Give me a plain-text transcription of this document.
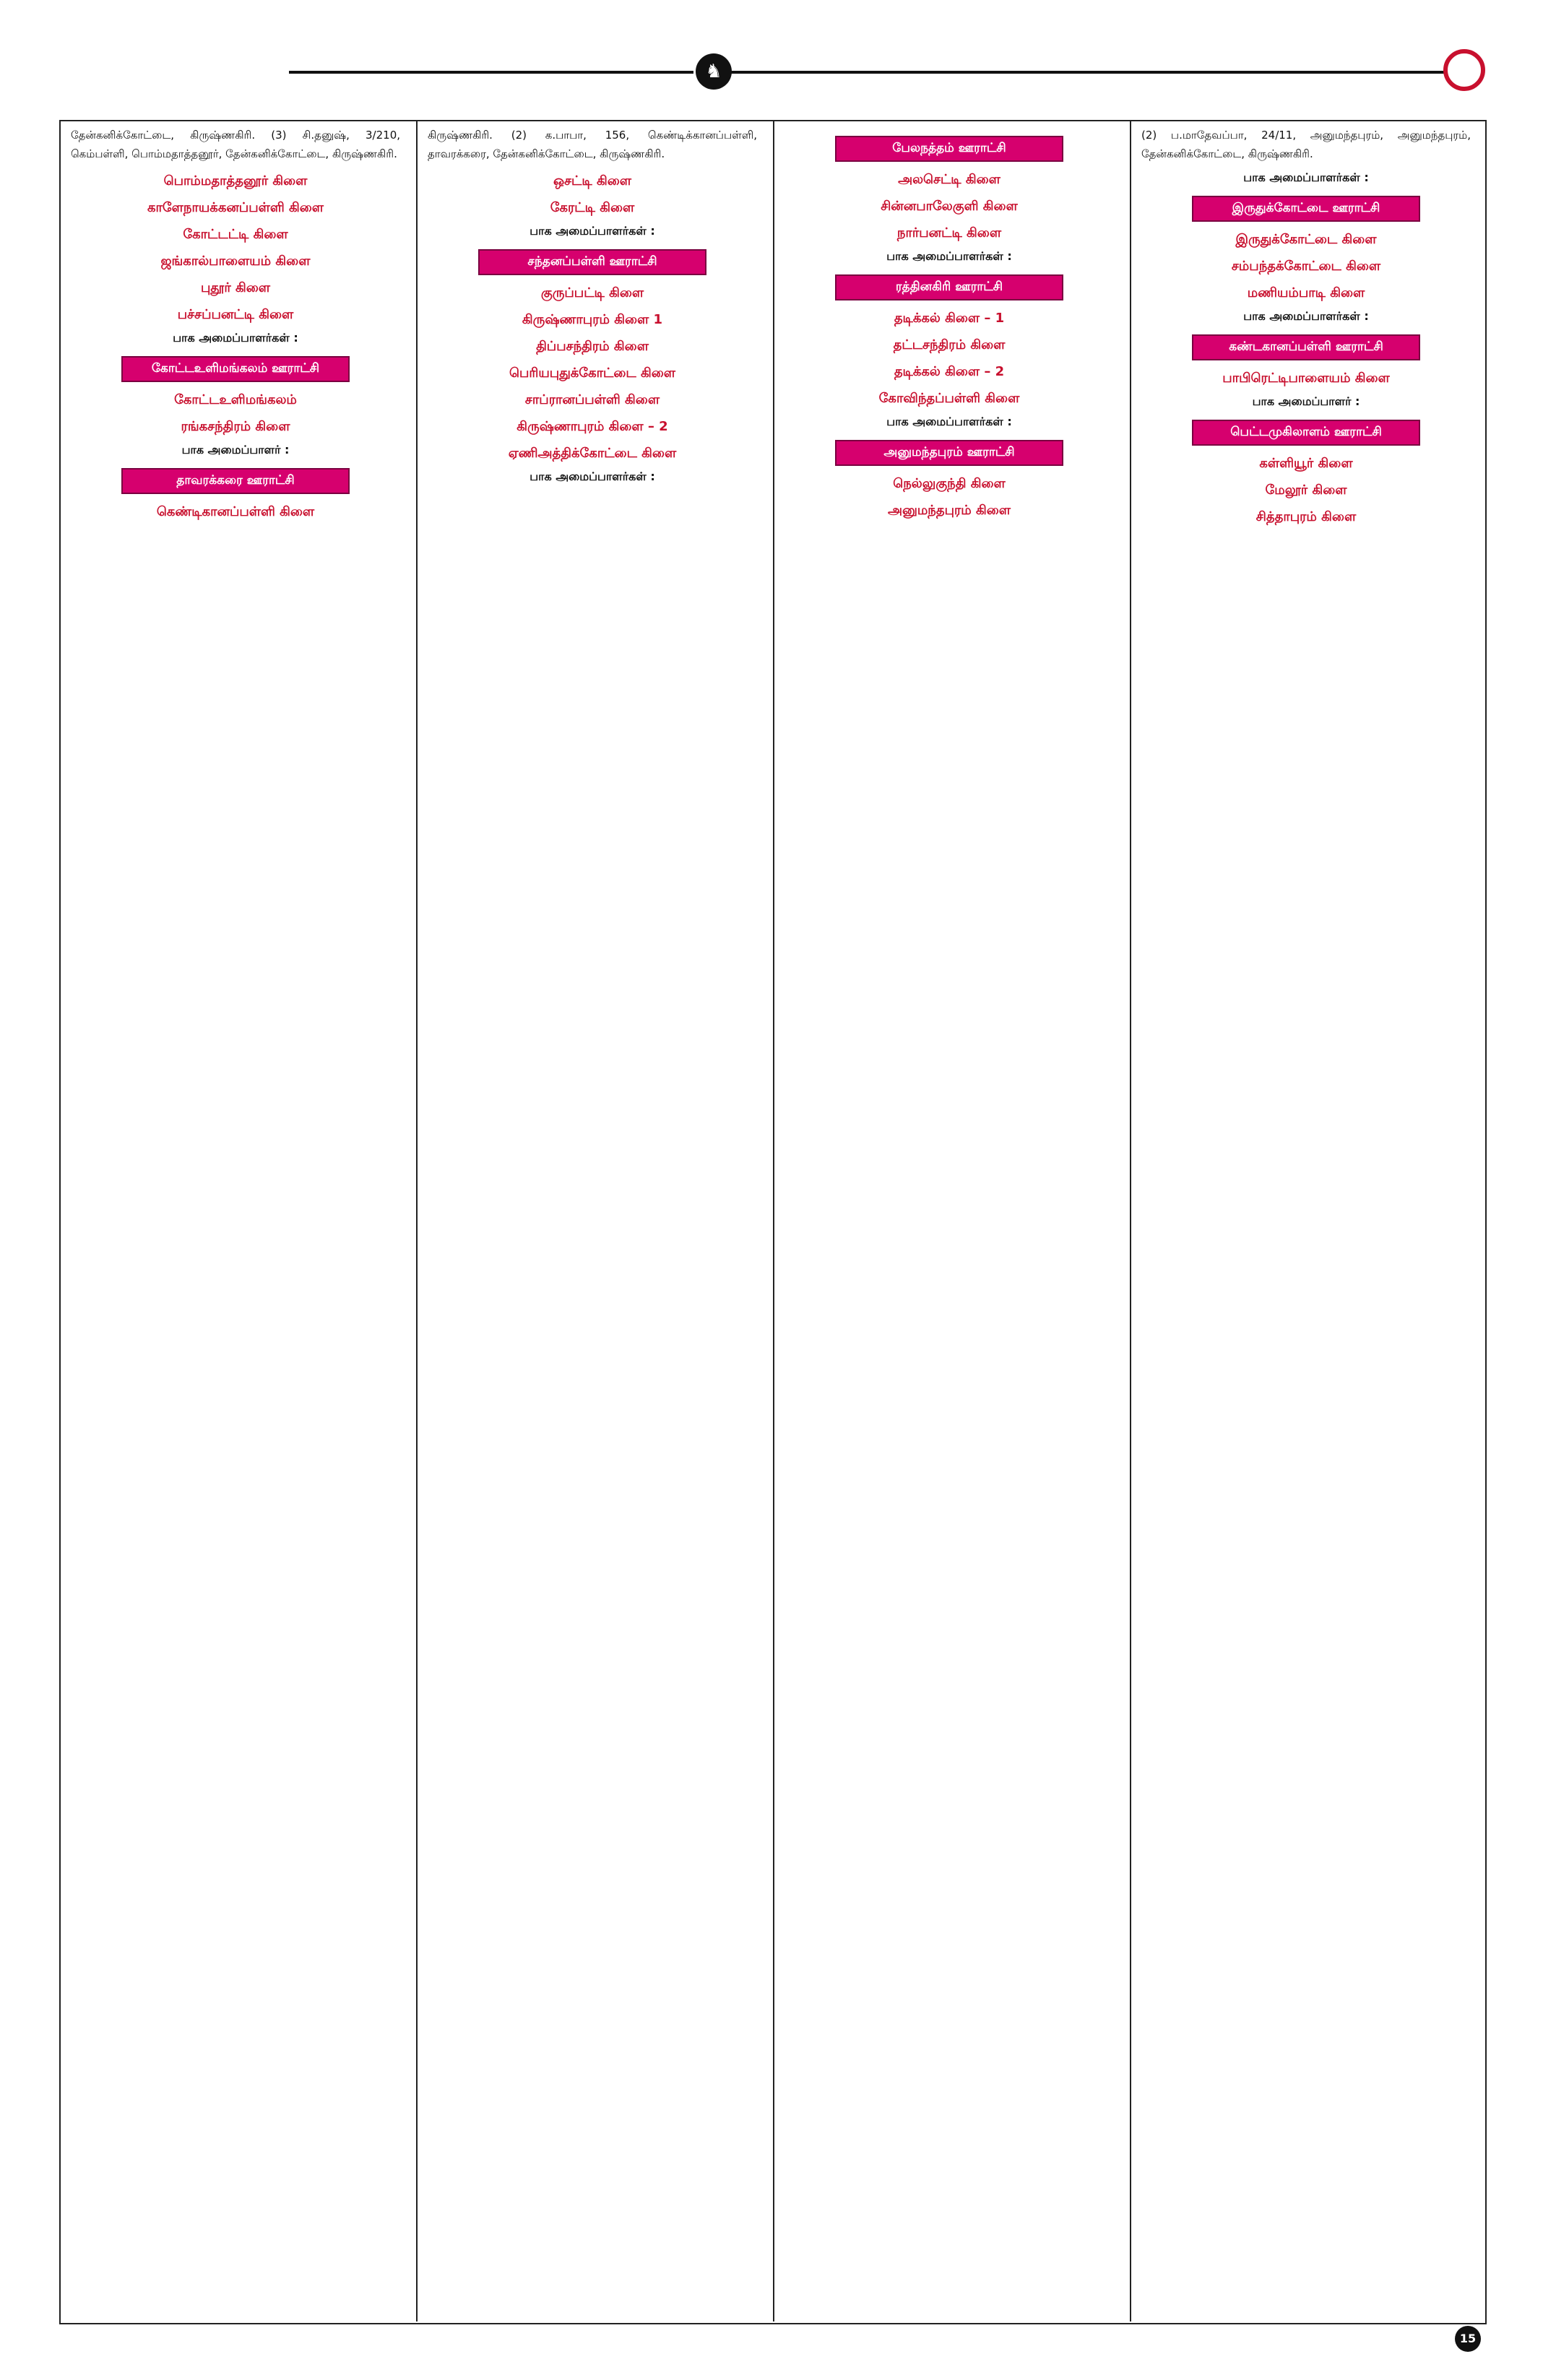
♞
தேன்கனிக்கோட்டை, கிருஷ்ணகிரி. (3) சி.தனுஷ், 3/210, கெம்பள்ளி, பொம்மதாத்தனூர், தேன்கனிக்கோட்டை, கிருஷ்ணகிரி.
பொம்மதாத்தனூர் கிளை
காளேநாயக்கனப்பள்ளி கிளை
கோட்டட்டி கிளை
ஜங்கால்பாளையம் கிளை
புதூர் கிளை
பச்சப்பனட்டி கிளை
பாக அமைப்பாளர்கள் :
கோட்டஉளிமங்கலம் ஊராட்சி
கோட்டஉளிமங்கலம்
ரங்கசந்திரம் கிளை
பாக அமைப்பாளர் :
தாவரக்கரை ஊராட்சி
கெண்டிகானப்பள்ளி கிளை
கிருஷ்ணகிரி. (2) க.பாபா, 156, கெண்டிக்கானப்பள்ளி, தாவரக்கரை, தேன்கனிக்கோட்டை, கிருஷ்ணகிரி.
ஒசட்டி கிளை
கேரட்டி கிளை
பாக அமைப்பாளர்கள் :
சந்தனப்பள்ளி ஊராட்சி
குருப்பட்டி கிளை
கிருஷ்ணாபுரம் கிளை 1
திப்பசந்திரம் கிளை
பெரியபுதுக்கோட்டை கிளை
சாப்ரானப்பள்ளி கிளை
கிருஷ்ணாபுரம் கிளை – 2
ஏணிஅத்திக்கோட்டை கிளை
பாக அமைப்பாளர்கள் :
பேலநத்தம் ஊராட்சி
அலசெட்டி கிளை
சின்னபாலேகுளி கிளை
நார்பனட்டி கிளை
பாக அமைப்பாளர்கள் :
ரத்தினகிரி ஊராட்சி
தடிக்கல் கிளை – 1
தட்டசந்திரம் கிளை
தடிக்கல் கிளை – 2
கோவிந்தப்பள்ளி கிளை
பாக அமைப்பாளர்கள் :
அனுமந்தபுரம் ஊராட்சி
நெல்லுகுந்தி கிளை
அனுமந்தபுரம் கிளை
(2) ப.மாதேவப்பா, 24/11, அனுமந்தபுரம், அனுமந்தபுரம், தேன்கனிக்கோட்டை, கிருஷ்ணகிரி.
பாக அமைப்பாளர்கள் :
இருதுக்கோட்டை ஊராட்சி
இருதுக்கோட்டை கிளை
சம்பந்தக்கோட்டை கிளை
மணியம்பாடி கிளை
பாக அமைப்பாளர்கள் :
கண்டகானப்பள்ளி ஊராட்சி
பாபிரெட்டிபாளையம் கிளை
பாக அமைப்பாளர் :
பெட்டமுகிலாளம் ஊராட்சி
கள்ளியூர் கிளை
மேலூர் கிளை
சித்தாபுரம் கிளை
15
